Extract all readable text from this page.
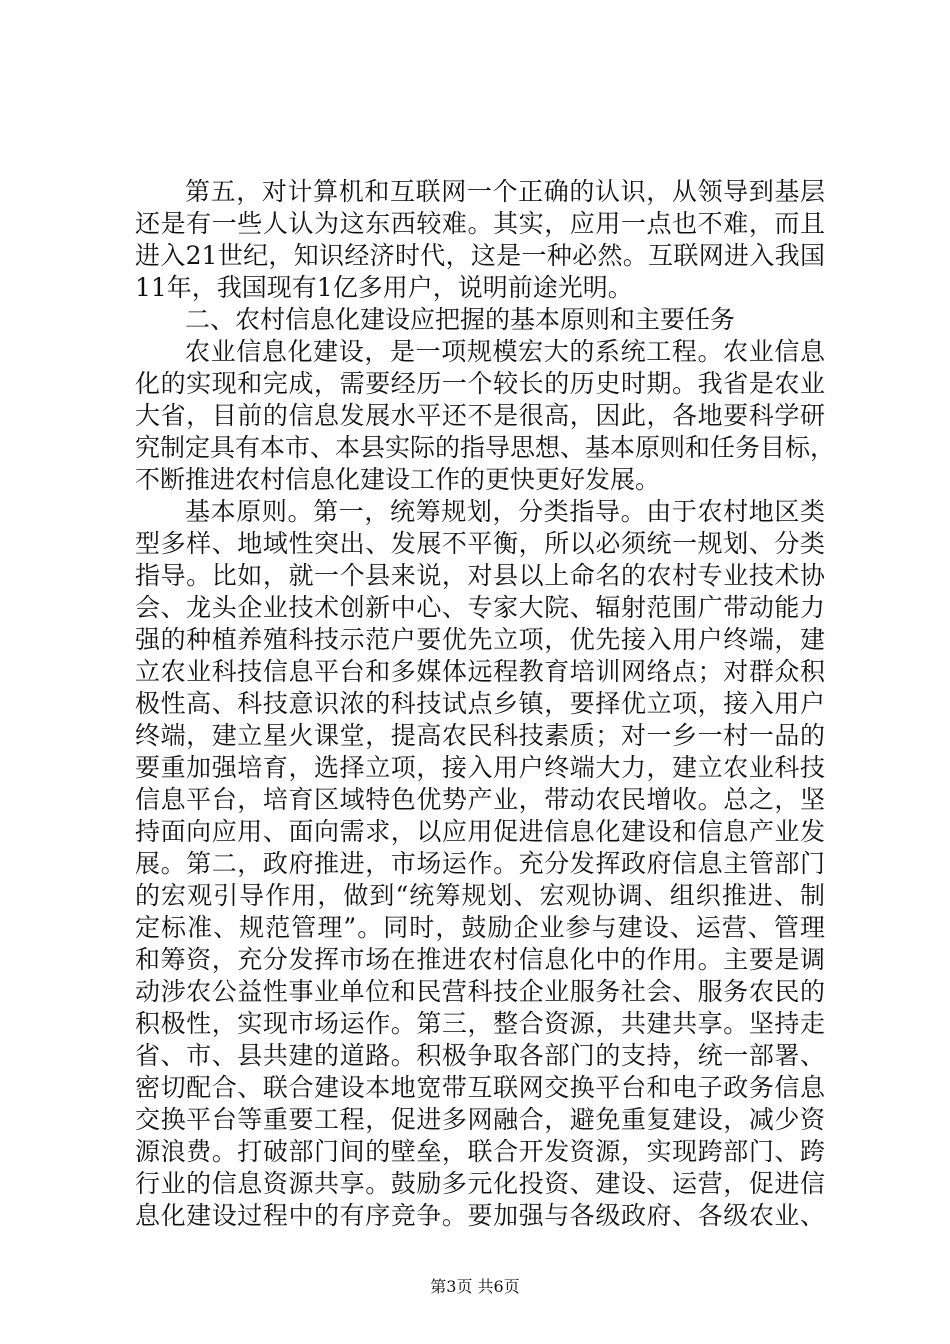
第五，对计算机和互联网一个正确的认识，从领导到基层
还是有一些人认为这东西较难。其实，应用一点也不难，而且
进入21世纪，知识经济时代，这是一种必然。互联网进入我国
11年，我国现有1亿多用户，说明前途光明。
二、农村信息化建设应把握的基本原则和主要任务
农业信息化建设，是一项规模宏大的系统工程。农业信息
化的实现和完成，需要经历一个较长的历史时期。我省是农业
大省，目前的信息发展水平还不是很高，因此，各地要科学研
究制定具有本市、本县实际的指导思想、基本原则和任务目标，
不断推进农村信息化建设工作的更快更好发展。
基本原则。第一，统筹规划，分类指导。由于农村地区类
型多样、地域性突出、发展不平衡，所以必须统一规划、分类
指导。比如，就一个县来说，对县以上命名的农村专业技术协
会、龙头企业技术创新中心、专家大院、辐射范围广带动能力
强的种植养殖科技示范户要优先立项，优先接入用户终端，建
立农业科技信息平台和多媒体远程教育培训网络点；对群众积
极性高、科技意识浓的科技试点乡镇，要择优立项，接入用户
终端，建立星火课堂，提高农民科技素质；对一乡一村一品的
要重加强培育，选择立项，接入用户终端大力，建立农业科技
信息平台，培育区域特色优势产业，带动农民增收。总之，坚
持面向应用、面向需求，以应用促进信息化建设和信息产业发
展。第二，政府推进，市场运作。充分发挥政府信息主管部门
的宏观引导作用，做到“统筹规划、宏观协调、组织推进、制
定标准、规范管理”。同时，鼓励企业参与建设、运营、管理
和筹资，充分发挥市场在推进农村信息化中的作用。主要是调
动涉农公益性事业单位和民营科技企业服务社会、服务农民的
积极性，实现市场运作。第三，整合资源，共建共享。坚持走
省、市、县共建的道路。积极争取各部门的支持，统一部署、
密切配合、联合建设本地宽带互联网交换平台和电子政务信息
交换平台等重要工程，促进多网融合，避免重复建设，减少资
源浪费。打破部门间的壁垒，联合开发资源，实现跨部门、跨
行业的信息资源共享。鼓励多元化投资、建设、运营，促进信
息化建设过程中的有序竞争。要加强与各级政府、各级农业、
第3页 共6页
